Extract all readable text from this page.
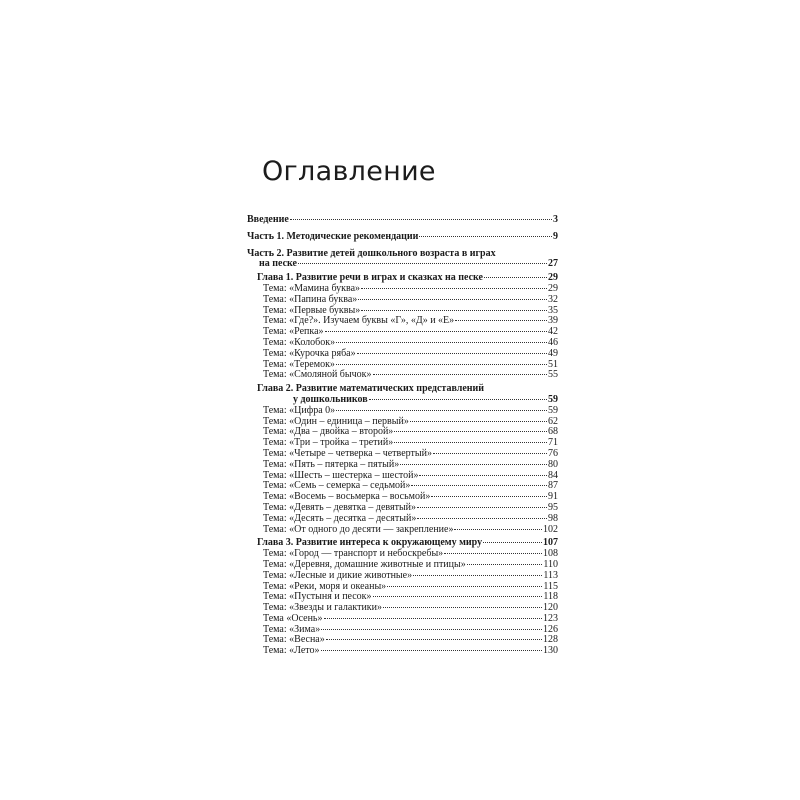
Оглавление
Введение	3
Часть 1. Методические рекомендации	9
Часть 2. Развитие детей дошкольного возраста в играх
на песке	27
Глава 1. Развитие речи в играх и сказках на песке	29
Тема: «Мамина буква»	29
Тема: «Папина буква»	32
Тема: «Первые буквы»	35
Тема: «Где?». Изучаем буквы «Г», «Д» и «Е»	39
Тема: «Репка»	42
Тема: «Колобок»	46
Тема: «Курочка ряба»	49
Тема: «Теремок»	51
Тема: «Смоляной бычок»	55
Глава 2. Развитие математических представлений
у дошкольников	59
Тема: «Цифра 0»	59
Тема: «Один – единица – первый»	62
Тема: «Два – двойка – второй»	68
Тема: «Три – тройка – третий»	71
Тема: «Четыре – четверка – четвертый»	76
Тема: «Пять – пятерка – пятый»	80
Тема: «Шесть – шестерка – шестой»	84
Тема: «Семь – семерка – седьмой»	87
Тема: «Восемь – восьмерка – восьмой»	91
Тема: «Девять – девятка – девятый»	95
Тема: «Десять – десятка – десятый»	98
Тема: «От одного до десяти — закрепление»	102
Глава 3. Развитие интереса к окружающему миру	107
Тема: «Город — транспорт и небоскребы»	108
Тема: «Деревня, домашние животные и птицы»	110
Тема: «Лесные и дикие животные»	113
Тема: «Реки, моря и океаны»	115
Тема: «Пустыня и песок»	118
Тема: «Звезды и галактики»	120
Тема «Осень»	123
Тема: «Зима»	126
Тема: «Весна»	128
Тема: «Лето»	130
